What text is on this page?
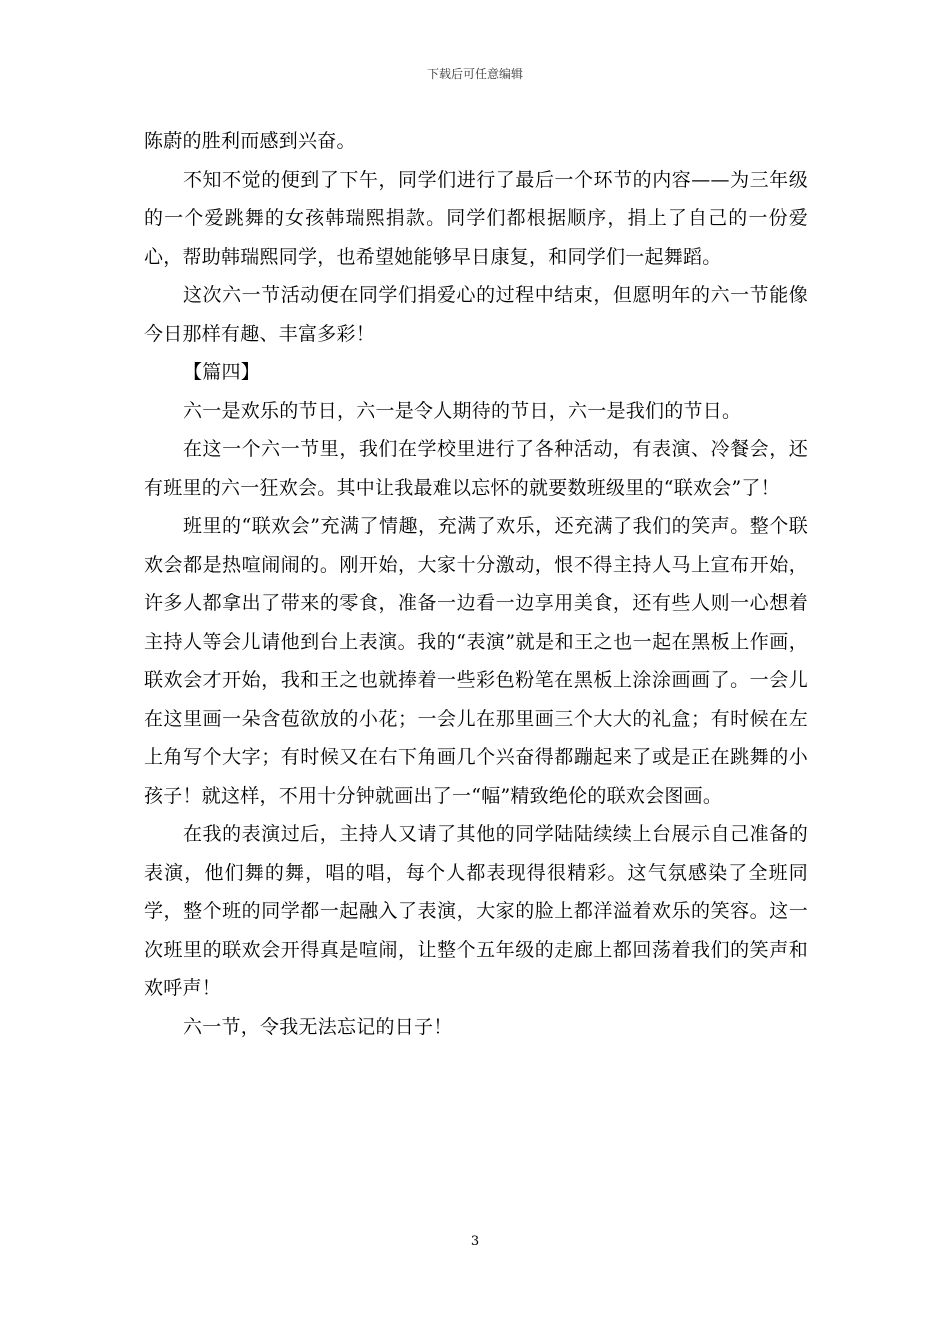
下载后可任意编辑

陈蔚的胜利而感到兴奋。

不知不觉的便到了下午，同学们进行了最后一个环节的内容——为三年级的一个爱跳舞的女孩韩瑞熙捐款。同学们都根据顺序，捐上了自己的一份爱心，帮助韩瑞熙同学，也希望她能够早日康复，和同学们一起舞蹈。

这次六一节活动便在同学们捐爱心的过程中结束，但愿明年的六一节能像今日那样有趣、丰富多彩！

【篇四】

六一是欢乐的节日，六一是令人期待的节日，六一是我们的节日。

在这一个六一节里，我们在学校里进行了各种活动，有表演、冷餐会，还有班里的六一狂欢会。其中让我最难以忘怀的就要数班级里的“联欢会”了！

班里的“联欢会”充满了情趣，充满了欢乐，还充满了我们的笑声。整个联欢会都是热喧闹闹的。刚开始，大家十分激动，恨不得主持人马上宣布开始，许多人都拿出了带来的零食，准备一边看一边享用美食，还有些人则一心想着主持人等会儿请他到台上表演。我的“表演”就是和王之也一起在黑板上作画，联欢会才开始，我和王之也就捧着一些彩色粉笔在黑板上涂涂画画了。一会儿在这里画一朵含苞欲放的小花；一会儿在那里画三个大大的礼盒；有时候在左上角写个大字；有时候又在右下角画几个兴奋得都蹦起来了或是正在跳舞的小孩子！就这样，不用十分钟就画出了一“幅”精致绝伦的联欢会图画。

在我的表演过后，主持人又请了其他的同学陆陆续续上台展示自己准备的表演，他们舞的舞，唱的唱，每个人都表现得很精彩。这气氛感染了全班同学，整个班的同学都一起融入了表演，大家的脸上都洋溢着欢乐的笑容。这一次班里的联欢会开得真是喧闹，让整个五年级的走廊上都回荡着我们的笑声和欢呼声！

六一节，令我无法忘记的日子！

3
